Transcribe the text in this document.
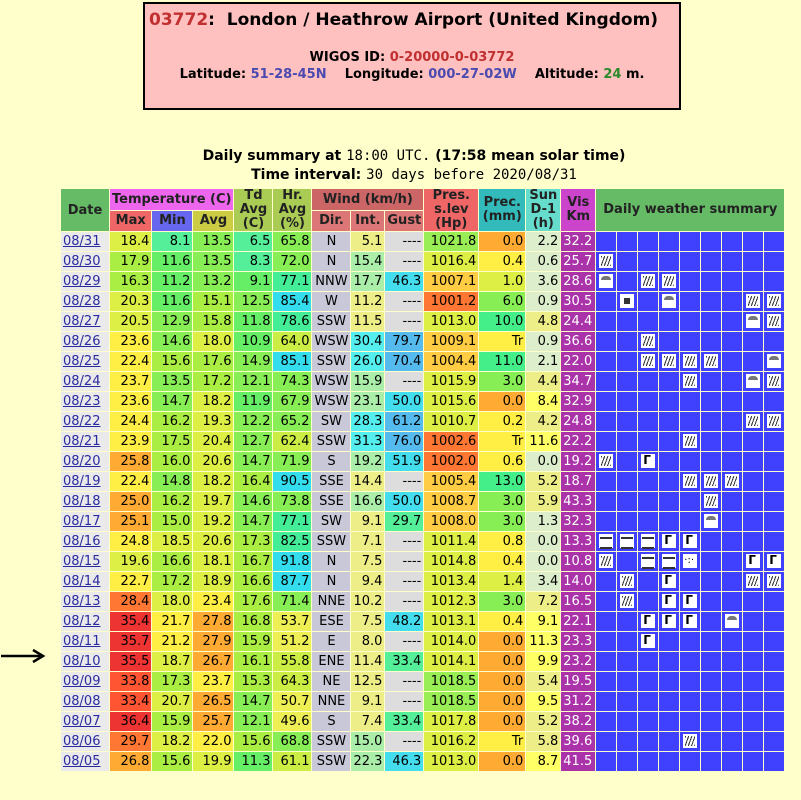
03772:  London / Heathrow Airport (United Kingdom)
WIGOS ID: 0-20000-0-03772
Latitude: 51-28-45N Longitude: 000-27-02W Altitude: 24 m.
Daily summary at 18:00 UTC. (17:58 mean solar time)
Time interval: 30 days before 2020/08/31
Date	Temperature (C)			Td Avg (C)	Hr. Avg (%)	Wind (km/h)			Pres. s.lev (Hp)	Prec. (mm)	Sun D-1 (h)	Vis Km	Daily weather summary								
	Max	Min	Avg			Dir.	Int.	Gust													
08/31	18.4	8.1	13.5	6.5	65.8	N	5.1	----	1021.8	0.0	2.2	32.2									
08/30	17.9	11.6	13.5	8.3	72.0	N	15.4	----	1016.4	0.4	0.6	25.7									
08/29	16.3	11.2	13.2	9.1	77.1	NNW	17.7	46.3	1007.1	1.0	3.6	28.6									
08/28	20.3	11.6	15.1	12.5	85.4	W	11.2	----	1001.2	6.0	0.9	30.5									
08/27	20.5	12.9	15.8	11.8	78.6	SSW	11.5	----	1013.0	10.0	4.8	24.4									
08/26	23.6	14.6	18.0	10.9	64.0	WSW	30.4	79.7	1009.1	Tr	0.9	36.6									
08/25	22.4	15.6	17.6	14.9	85.1	SSW	26.0	70.4	1004.4	11.0	2.1	22.0									
08/24	23.7	13.5	17.2	12.1	74.3	WSW	15.9	----	1015.9	3.0	4.4	34.7									
08/23	23.6	14.7	18.2	11.9	67.9	WSW	23.1	50.0	1015.6	0.0	8.4	32.9									
08/22	24.4	16.2	19.3	12.2	65.2	SW	28.3	61.2	1010.7	0.2	4.2	24.8									
08/21	23.9	17.5	20.4	12.7	62.4	SSW	31.3	76.0	1002.6	Tr	11.6	22.2									
08/20	25.8	16.0	20.6	14.7	71.9	S	19.2	51.9	1002.0	0.6	0.0	19.2			Γ						
08/19	22.4	14.8	18.2	16.4	90.5	SSE	14.4	----	1005.4	13.0	5.2	18.7									
08/18	25.0	16.2	19.7	14.6	73.8	SSE	16.6	50.0	1008.7	3.0	5.9	43.3									
08/17	25.1	15.0	19.2	14.7	77.1	SW	9.1	29.7	1008.0	3.0	1.3	32.3									
08/16	24.8	18.5	20.6	17.3	82.5	SSW	7.1	----	1011.4	0.8	0.0	13.3				Γ	Γ				
08/15	19.6	16.6	18.1	16.7	91.8	N	7.5	----	1014.8	0.4	0.0	10.8					·:·			Γ	Γ
08/14	22.7	17.2	18.9	16.6	87.7	N	9.4	----	1013.4	1.4	3.4	14.0				Γ					
08/13	28.4	18.0	23.4	17.6	71.4	NNE	10.2	----	1012.3	3.0	7.2	16.5				Γ	Γ				
08/12	35.4	21.7	27.8	16.8	53.7	ESE	7.5	48.2	1013.1	0.4	9.1	22.1			Γ	Γ	Γ				
08/11	35.7	21.2	27.9	15.9	51.2	E	8.0	----	1014.0	0.0	11.3	23.3			Γ						
08/10	35.5	18.7	26.7	16.1	55.8	ENE	11.4	33.4	1014.1	0.0	9.9	23.2									
08/09	33.8	17.3	23.7	15.3	64.3	NE	12.5	----	1018.5	0.0	5.4	19.5									
08/08	33.4	20.7	26.5	14.7	50.7	NNE	9.1	----	1018.5	0.0	9.5	31.2									
08/07	36.4	15.9	25.7	12.1	49.6	S	7.4	33.4	1017.8	0.0	5.2	38.2									
08/06	29.7	18.2	22.0	15.6	68.8	SSW	15.0	----	1016.2	Tr	5.8	39.6									
08/05	26.8	15.6	19.9	11.3	61.1	SSW	22.3	46.3	1013.0	0.0	8.7	41.5									
